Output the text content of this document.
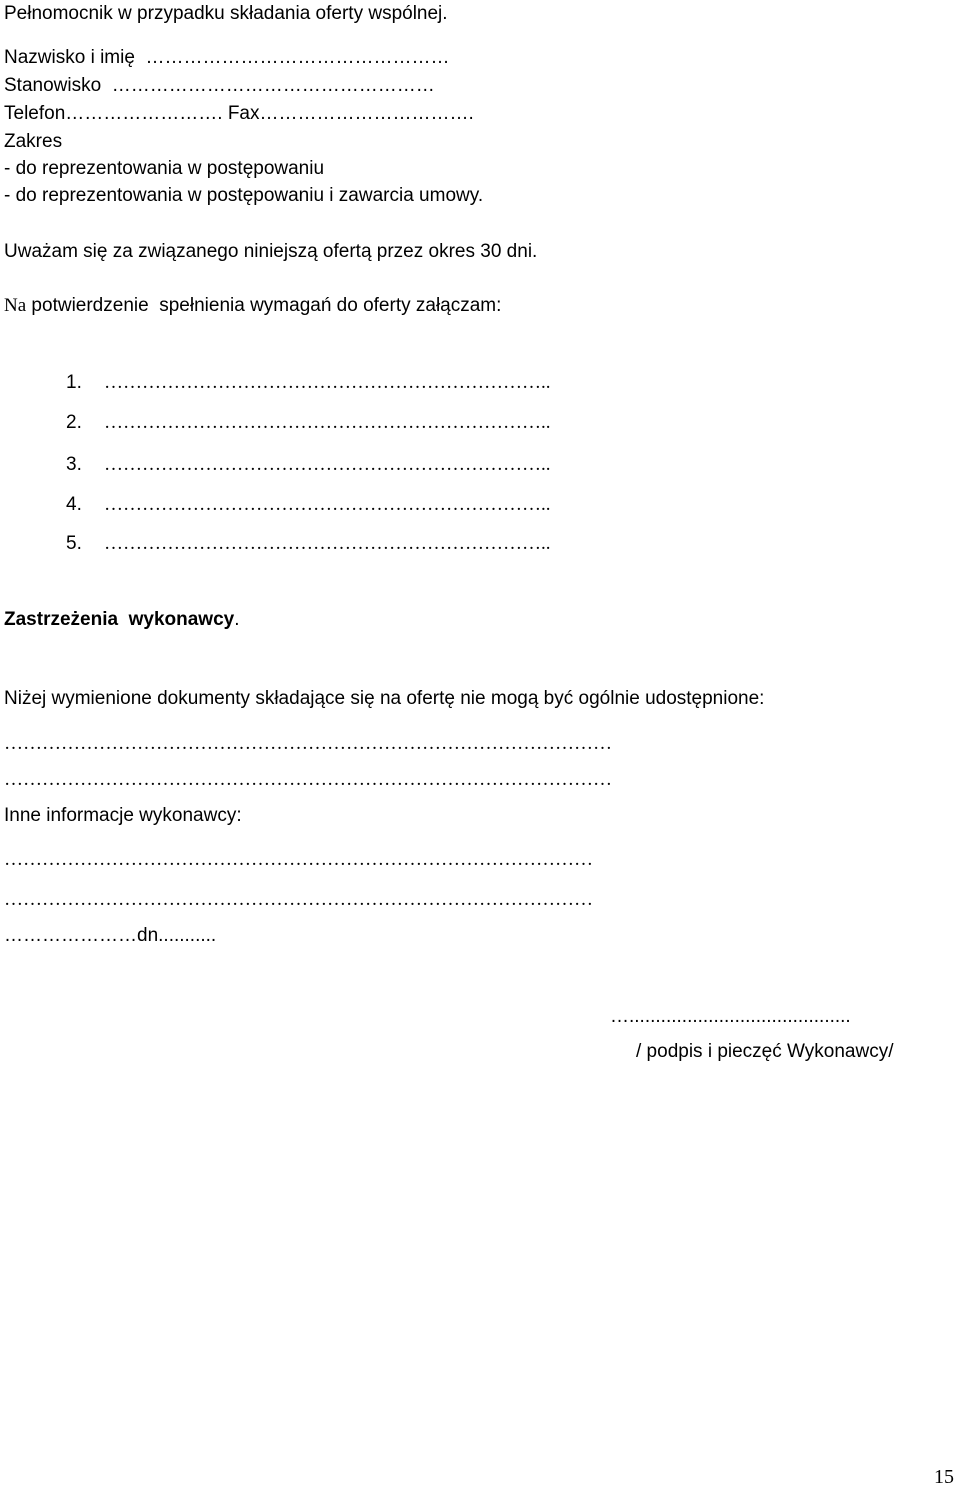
Pełnomocnik w przypadku składania oferty wspólnej.
Nazwisko i imię  …………………………………………
Stanowisko  ……………………………………………
Telefon……………………. Fax…………………………….
Zakres
- do reprezentowania w postępowaniu
- do reprezentowania w postępowaniu i zawarcia umowy.
Uważam się za związanego niniejszą ofertą przez okres 30 dni.
Na potwierdzenie  spełnienia wymagań do oferty załączam:
1. ……………………………………………………………..
2. ……………………………………………………………..
3. ……………………………………………………………..
4. ……………………………………………………………..
5. ……………………………………………………………..
Zastrzeżenia  wykonawcy.
Niżej wymienione dokumenty składające się na ofertę nie mogą być ogólnie udostępnione:
……………………………………………………………………………………
……………………………………………………………………………………
Inne informacje wykonawcy:
…………………………………………………………………………………
…………………………………………………………………………………
…………………dn...........
…..........................................
/ podpis i pieczęć Wykonawcy/
15
